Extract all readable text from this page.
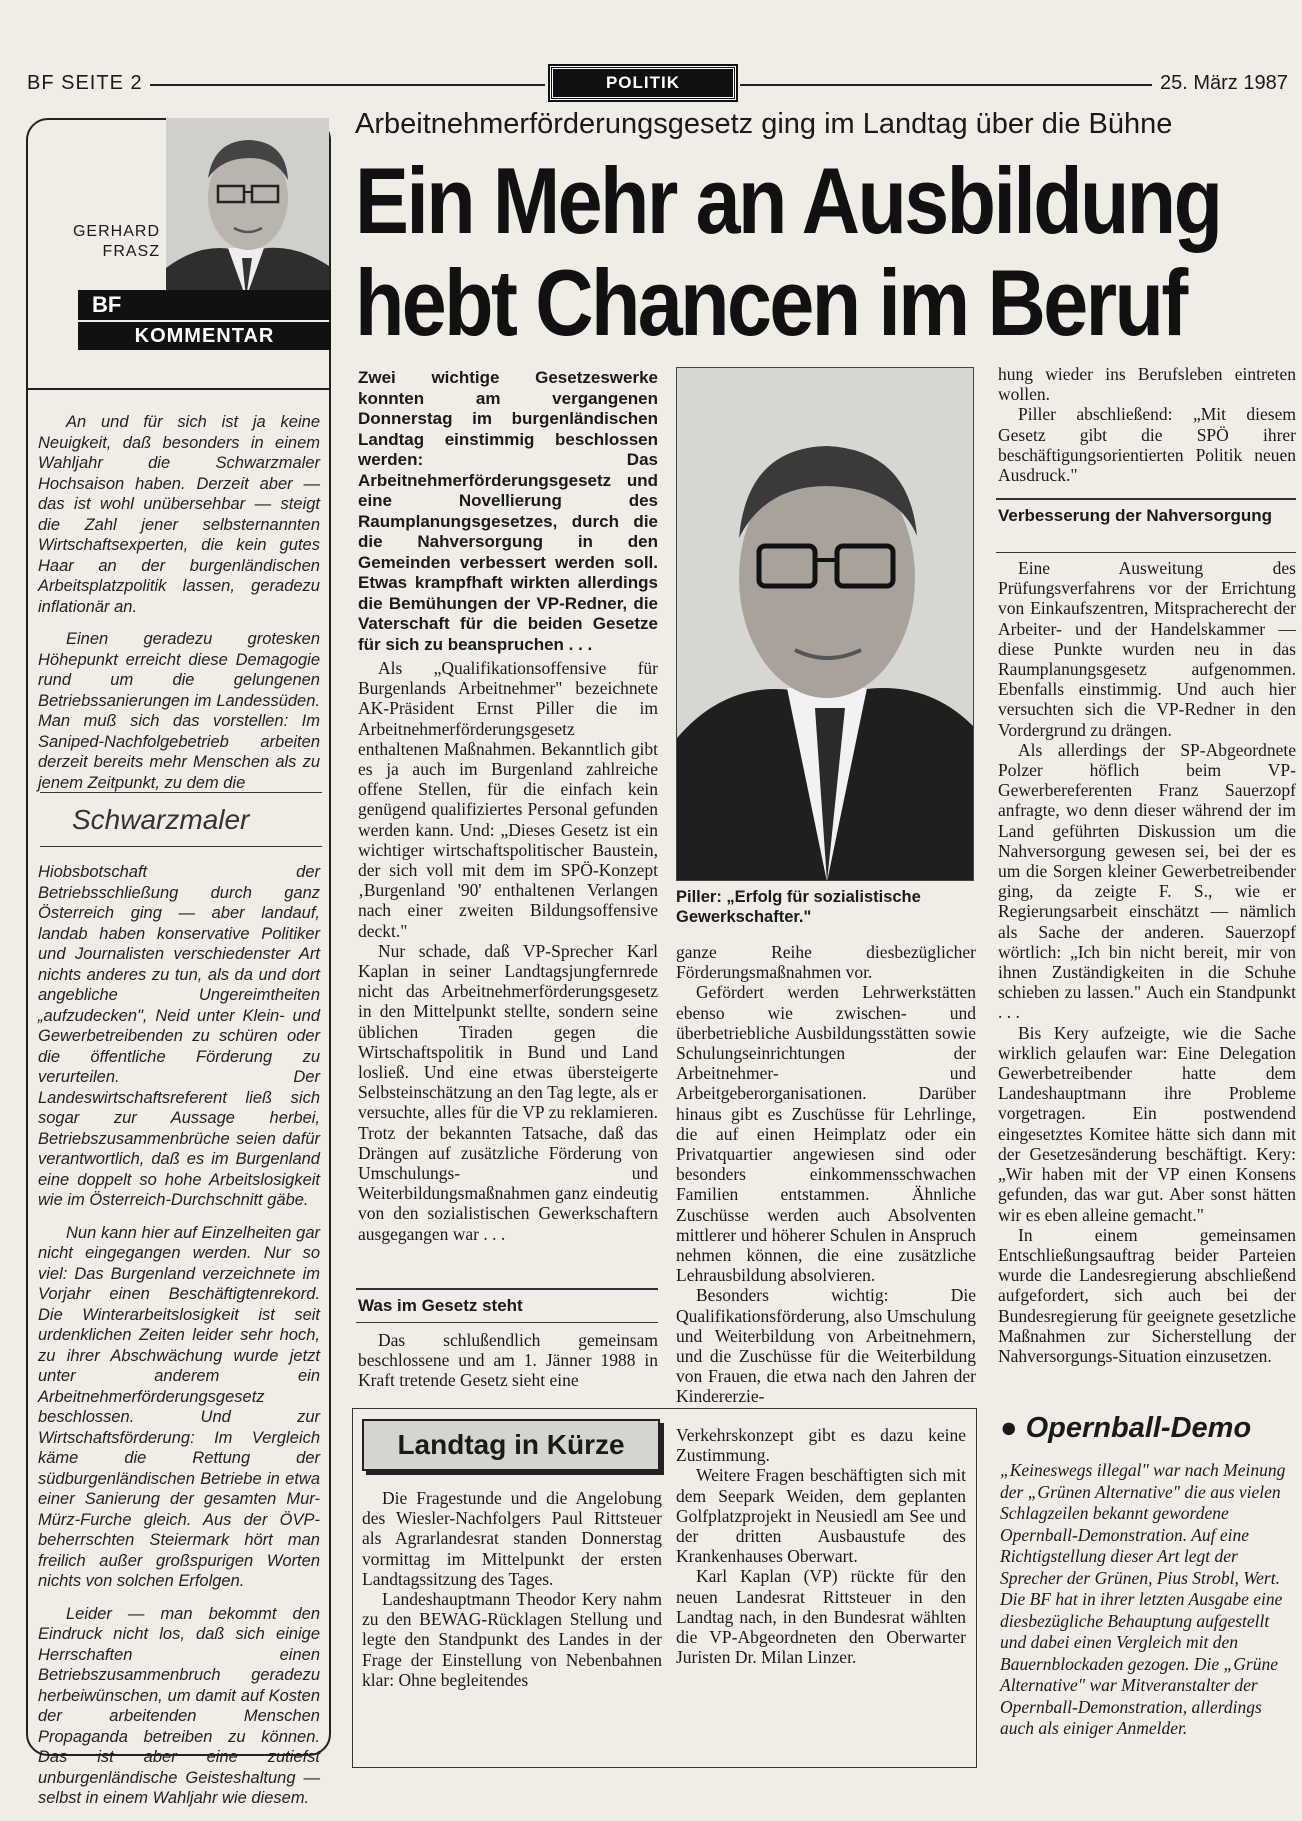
BF SEITE 2	POLITIK	25. März 1987
GERHARD
FRASZ
BF
KOMMENTAR

An und für sich ist ja keine Neuigkeit, daß besonders in einem Wahljahr die Schwarzmaler Hochsaison haben. Derzeit aber — das ist wohl unübersehbar — steigt die Zahl jener selbsternannten Wirtschaftsexperten, die kein gutes Haar an der burgenländischen Arbeitsplatzpolitik lassen, geradezu inflationär an.

Einen geradezu grotesken Höhepunkt erreicht diese Demagogie rund um die gelungenen Betriebssanierungen im Landessüden. Man muß sich das vorstellen: Im Saniped-Nachfolgebetrieb arbeiten derzeit bereits mehr Menschen als zu jenem Zeitpunkt, zu dem die

Schwarzmaler

Hiobsbotschaft der Betriebsschließung durch ganz Österreich ging — aber landauf, landab haben konservative Politiker und Journalisten verschiedenster Art nichts anderes zu tun, als da und dort angebliche Ungereimtheiten „aufzudecken", Neid unter Klein- und Gewerbetreibenden zu schüren oder die öffentliche Förderung zu verurteilen. Der Landeswirtschaftsreferent ließ sich sogar zur Aussage herbei, Betriebszusammenbrüche seien dafür verantwortlich, daß es im Burgenland eine doppelt so hohe Arbeitslosigkeit wie im Österreich-Durchschnitt gäbe.

Nun kann hier auf Einzelheiten gar nicht eingegangen werden. Nur so viel: Das Burgenland verzeichnete im Vorjahr einen Beschäftigtenrekord. Die Winterarbeitslosigkeit ist seit urdenklichen Zeiten leider sehr hoch, zu ihrer Abschwächung wurde jetzt unter anderem ein Arbeitnehmerförderungsgesetz beschlossen. Und zur Wirtschaftsförderung: Im Vergleich käme die Rettung der südburgenländischen Betriebe in etwa einer Sanierung der gesamten Mur-Mürz-Furche gleich. Aus der ÖVP-beherrschten Steiermark hört man freilich außer großspurigen Worten nichts von solchen Erfolgen.

Leider — man bekommt den Eindruck nicht los, daß sich einige Herrschaften einen Betriebszusammenbruch geradezu herbeiwünschen, um damit auf Kosten der arbeitenden Menschen Propaganda betreiben zu können. Das ist aber eine zutiefst unburgenländische Geisteshaltung — selbst in einem Wahljahr wie diesem.

Arbeitnehmerförderungsgesetz ging im Landtag über die Bühne
Ein Mehr an Ausbildung
hebt Chancen im Beruf
Zwei wichtige Gesetzeswerke konnten am vergangenen Donnerstag im burgenländischen Landtag einstimmig beschlossen werden: Das Arbeitnehmerförderungsgesetz und eine Novellierung des Raumplanungsgesetzes, durch die die Nahversorgung in den Gemeinden verbessert werden soll. Etwas krampfhaft wirkten allerdings die Bemühungen der VP-Redner, die Vaterschaft für die beiden Gesetze für sich zu beanspruchen . . .

Als „Qualifikationsoffensive für Burgenlands Arbeitnehmer" bezeichnete AK-Präsident Ernst Piller die im Arbeitnehmerförderungsgesetz enthaltenen Maßnahmen. Bekanntlich gibt es ja auch im Burgenland zahlreiche offene Stellen, für die einfach kein genügend qualifiziertes Personal gefunden werden kann. Und: „Dieses Gesetz ist ein wichtiger wirtschaftspolitischer Baustein, der sich voll mit dem im SPÖ-Konzept ‚Burgenland '90' enthaltenen Verlangen nach einer zweiten Bildungsoffensive deckt."

Nur schade, daß VP-Sprecher Karl Kaplan in seiner Landtagsjungfernrede nicht das Arbeitnehmerförderungsgesetz in den Mittelpunkt stellte, sondern seine üblichen Tiraden gegen die Wirtschaftspolitik in Bund und Land losließ. Und eine etwas übersteigerte Selbsteinschätzung an den Tag legte, als er versuchte, alles für die VP zu reklamieren. Trotz der bekannten Tatsache, daß das Drängen auf zusätzliche Förderung von Umschulungs- und Weiterbildungsmaßnahmen ganz eindeutig von den sozialistischen Gewerkschaftern ausgegangen war . . .

Was im Gesetz steht

Das schlußendlich gemeinsam beschlossene und am 1. Jänner 1988 in Kraft tretende Gesetz sieht eine

Piller: „Erfolg für sozialistische Gewerkschafter."

ganze Reihe diesbezüglicher Förderungsmaßnahmen vor.

Gefördert werden Lehrwerkstätten ebenso wie zwischen- und überbetriebliche Ausbildungsstätten sowie Schulungseinrichtungen der Arbeitnehmer- und Arbeitgeberorganisationen. Darüber hinaus gibt es Zuschüsse für Lehrlinge, die auf einen Heimplatz oder ein Privatquartier angewiesen sind oder besonders einkommensschwachen Familien entstammen. Ähnliche Zuschüsse werden auch Absolventen mittlerer und höherer Schulen in Anspruch nehmen können, die eine zusätzliche Lehrausbildung absolvieren.

Besonders wichtig: Die Qualifikationsförderung, also Umschulung und Weiterbildung von Arbeitnehmern, und die Zuschüsse für die Weiterbildung von Frauen, die etwa nach den Jahren der Kindererzie-

hung wieder ins Berufsleben eintreten wollen.

Piller abschließend: „Mit diesem Gesetz gibt die SPÖ ihrer beschäftigungsorientierten Politik neuen Ausdruck."

Verbesserung der Nahversorgung

Eine Ausweitung des Prüfungsverfahrens vor der Errichtung von Einkaufszentren, Mitspracherecht der Arbeiter- und der Handelskammer — diese Punkte wurden neu in das Raumplanungsgesetz aufgenommen. Ebenfalls einstimmig. Und auch hier versuchten sich die VP-Redner in den Vordergrund zu drängen.

Als allerdings der SP-Abgeordnete Polzer höflich beim VP-Gewerbereferenten Franz Sauerzopf anfragte, wo denn dieser während der im Land geführten Diskussion um die Nahversorgung gewesen sei, bei der es um die Sorgen kleiner Gewerbetreibender ging, da zeigte F. S., wie er Regierungsarbeit einschätzt — nämlich als Sache der anderen. Sauerzopf wörtlich: „Ich bin nicht bereit, mir von ihnen Zuständigkeiten in die Schuhe schieben zu lassen." Auch ein Standpunkt . . .

Bis Kery aufzeigte, wie die Sache wirklich gelaufen war: Eine Delegation Gewerbetreibender hatte dem Landeshauptmann ihre Probleme vorgetragen. Ein postwendend eingesetztes Komitee hätte sich dann mit der Gesetzesänderung beschäftigt. Kery: „Wir haben mit der VP einen Konsens gefunden, das war gut. Aber sonst hätten wir es eben alleine gemacht."

In einem gemeinsamen Entschließungsauftrag beider Parteien wurde die Landesregierung abschließend aufgefordert, sich auch bei der Bundesregierung für geeignete gesetzliche Maßnahmen zur Sicherstellung der Nahversorgungs-Situation einzusetzen.

Landtag in Kürze

Die Fragestunde und die Angelobung des Wiesler-Nachfolgers Paul Rittsteuer als Agrarlandesrat standen Donnerstag vormittag im Mittelpunkt der ersten Landtagssitzung des Tages.

Landeshauptmann Theodor Kery nahm zu den BEWAG-Rücklagen Stellung und legte den Standpunkt des Landes in der Frage der Einstellung von Nebenbahnen klar: Ohne begleitendes

Verkehrskonzept gibt es dazu keine Zustimmung.

Weitere Fragen beschäftigten sich mit dem Seepark Weiden, dem geplanten Golfplatzprojekt in Neusiedl am See und der dritten Ausbaustufe des Krankenhauses Oberwart.

Karl Kaplan (VP) rückte für den neuen Landesrat Rittsteuer in den Landtag nach, in den Bundesrat wählten die VP-Abgeordneten den Oberwarter Juristen Dr. Milan Linzer.

● Opernball-Demo
„Keineswegs illegal" war nach Meinung der „Grünen Alternative" die aus vielen Schlagzeilen bekannt gewordene Opernball-Demonstration. Auf eine Richtigstellung dieser Art legt der Sprecher der Grünen, Pius Strobl, Wert. Die BF hat in ihrer letzten Ausgabe eine diesbezügliche Behauptung aufgestellt und dabei einen Vergleich mit den Bauernblockaden gezogen. Die „Grüne Alternative" war Mitveranstalter der Opernball-Demonstration, allerdings auch als einiger Anmelder.
